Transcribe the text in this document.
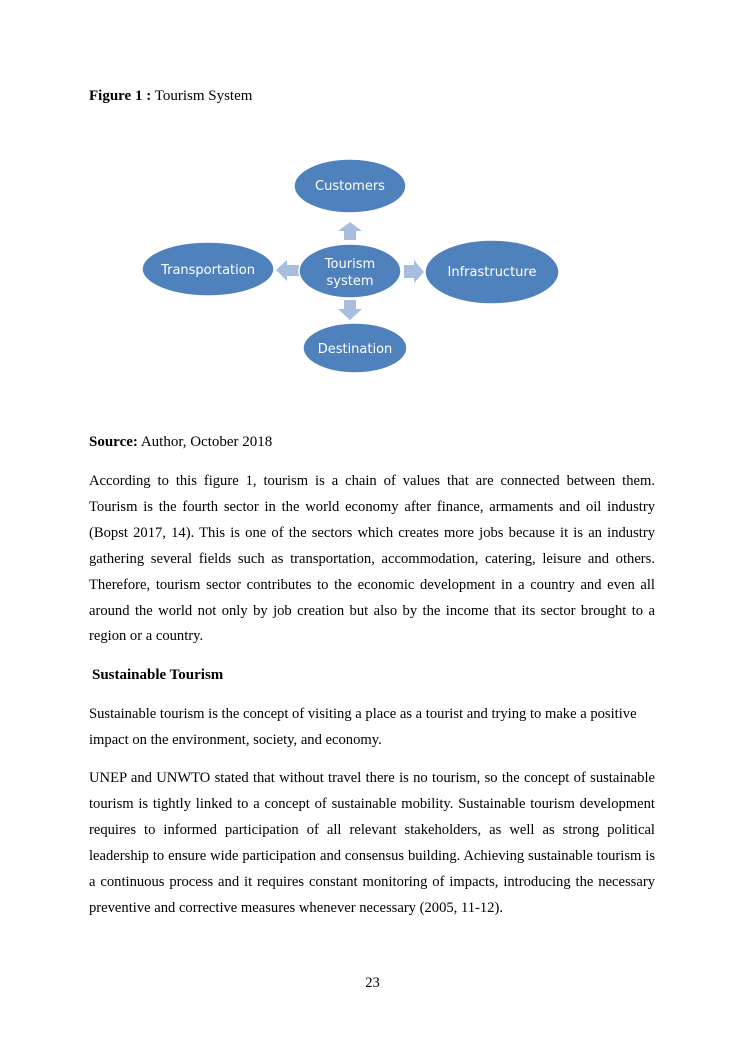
Figure 1 : Tourism System
Customers
Tourism
system
Transportation	Infrastructure
Destination
Source: Author, October 2018

According to this figure 1, tourism is a chain of values that are connected between them. Tourism is the fourth sector in the world economy after finance, armaments and oil industry (Bopst 2017, 14). This is one of the sectors which creates more jobs because it is an industry gathering several fields such as transportation, accommodation, catering, leisure and others. Therefore, tourism sector contributes to the economic development in a country and even all around the world not only by job creation but also by the income that its sector brought to a region or a country.

Sustainable Tourism

Sustainable tourism is the concept of visiting a place as a tourist and trying to make a positive impact on the environment, society, and economy.

UNEP and UNWTO stated that without travel there is no tourism, so the concept of sustainable tourism is tightly linked to a concept of sustainable mobility. Sustainable tourism development requires to informed participation of all relevant stakeholders, as well as strong political leadership to ensure wide participation and consensus building. Achieving sustainable tourism is a continuous process and it requires constant monitoring of impacts, introducing the necessary preventive and corrective measures whenever necessary (2005, 11-12).

23
